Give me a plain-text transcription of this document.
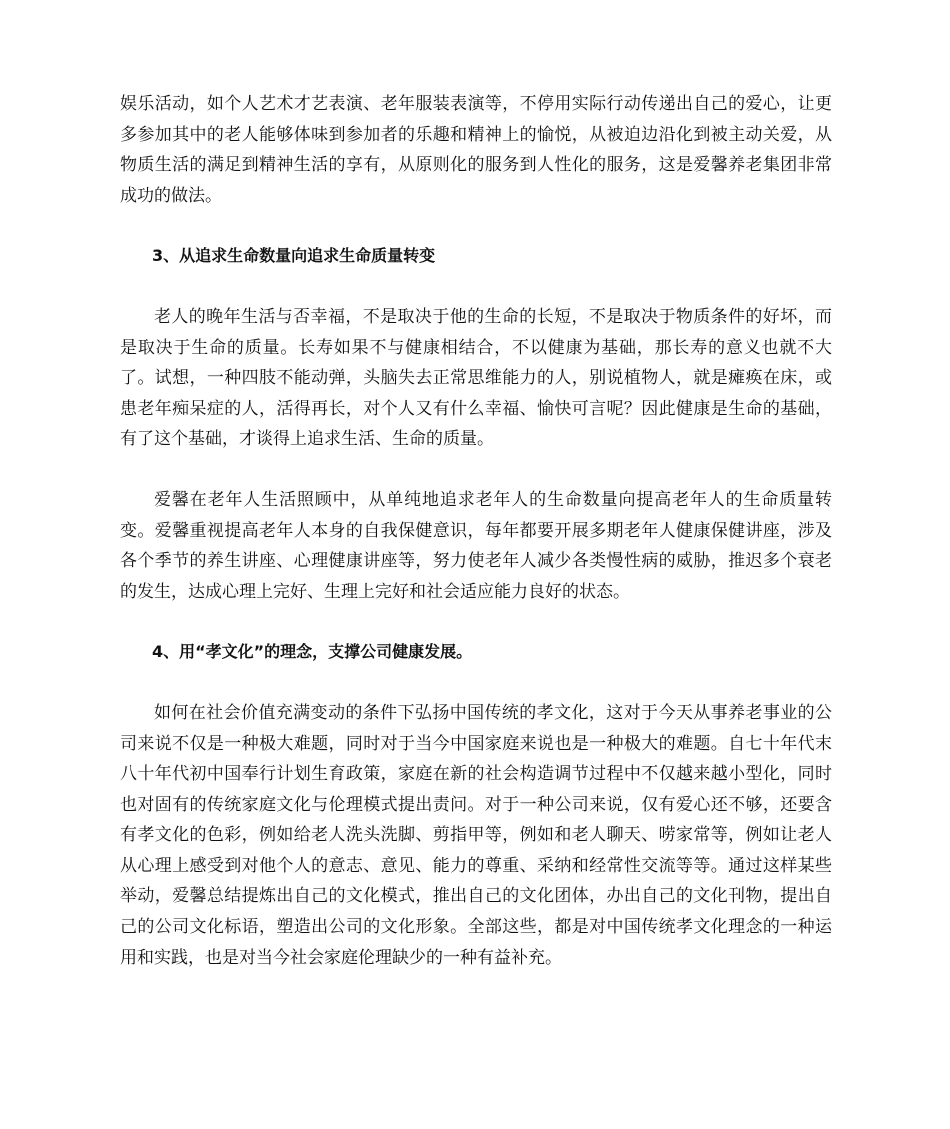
娱乐活动，如个人艺术才艺表演、老年服装表演等，不停用实际行动传递出自己的爱心，让更多参加其中的老人能够体味到参加者的乐趣和精神上的愉悦，从被迫边沿化到被主动关爱，从物质生活的满足到精神生活的享有，从原则化的服务到人性化的服务，这是爱馨养老集团非常成功的做法。

3、从追求生命数量向追求生命质量转变

老人的晚年生活与否幸福，不是取决于他的生命的长短，不是取决于物质条件的好坏，而是取决于生命的质量。长寿如果不与健康相结合，不以健康为基础，那长寿的意义也就不大了。试想，一种四肢不能动弹，头脑失去正常思维能力的人，别说植物人，就是瘫痪在床，或患老年痴呆症的人，活得再长，对个人又有什么幸福、愉快可言呢？因此健康是生命的基础，有了这个基础，才谈得上追求生活、生命的质量。

爱馨在老年人生活照顾中，从单纯地追求老年人的生命数量向提高老年人的生命质量转变。爱馨重视提高老年人本身的自我保健意识，每年都要开展多期老年人健康保健讲座，涉及各个季节的养生讲座、心理健康讲座等，努力使老年人减少各类慢性病的威胁，推迟多个衰老的发生，达成心理上完好、生理上完好和社会适应能力良好的状态。

4、用“孝文化”的理念，支撑公司健康发展。

如何在社会价值充满变动的条件下弘扬中国传统的孝文化，这对于今天从事养老事业的公司来说不仅是一种极大难题，同时对于当今中国家庭来说也是一种极大的难题。自七十年代末八十年代初中国奉行计划生育政策，家庭在新的社会构造调节过程中不仅越来越小型化，同时也对固有的传统家庭文化与伦理模式提出责问。对于一种公司来说，仅有爱心还不够，还要含有孝文化的色彩，例如给老人洗头洗脚、剪指甲等，例如和老人聊天、唠家常等，例如让老人从心理上感受到对他个人的意志、意见、能力的尊重、采纳和经常性交流等等。通过这样某些举动，爱馨总结提炼出自己的文化模式，推出自己的文化团体，办出自己的文化刊物，提出自己的公司文化标语，塑造出公司的文化形象。全部这些，都是对中国传统孝文化理念的一种运用和实践，也是对当今社会家庭伦理缺少的一种有益补充。
